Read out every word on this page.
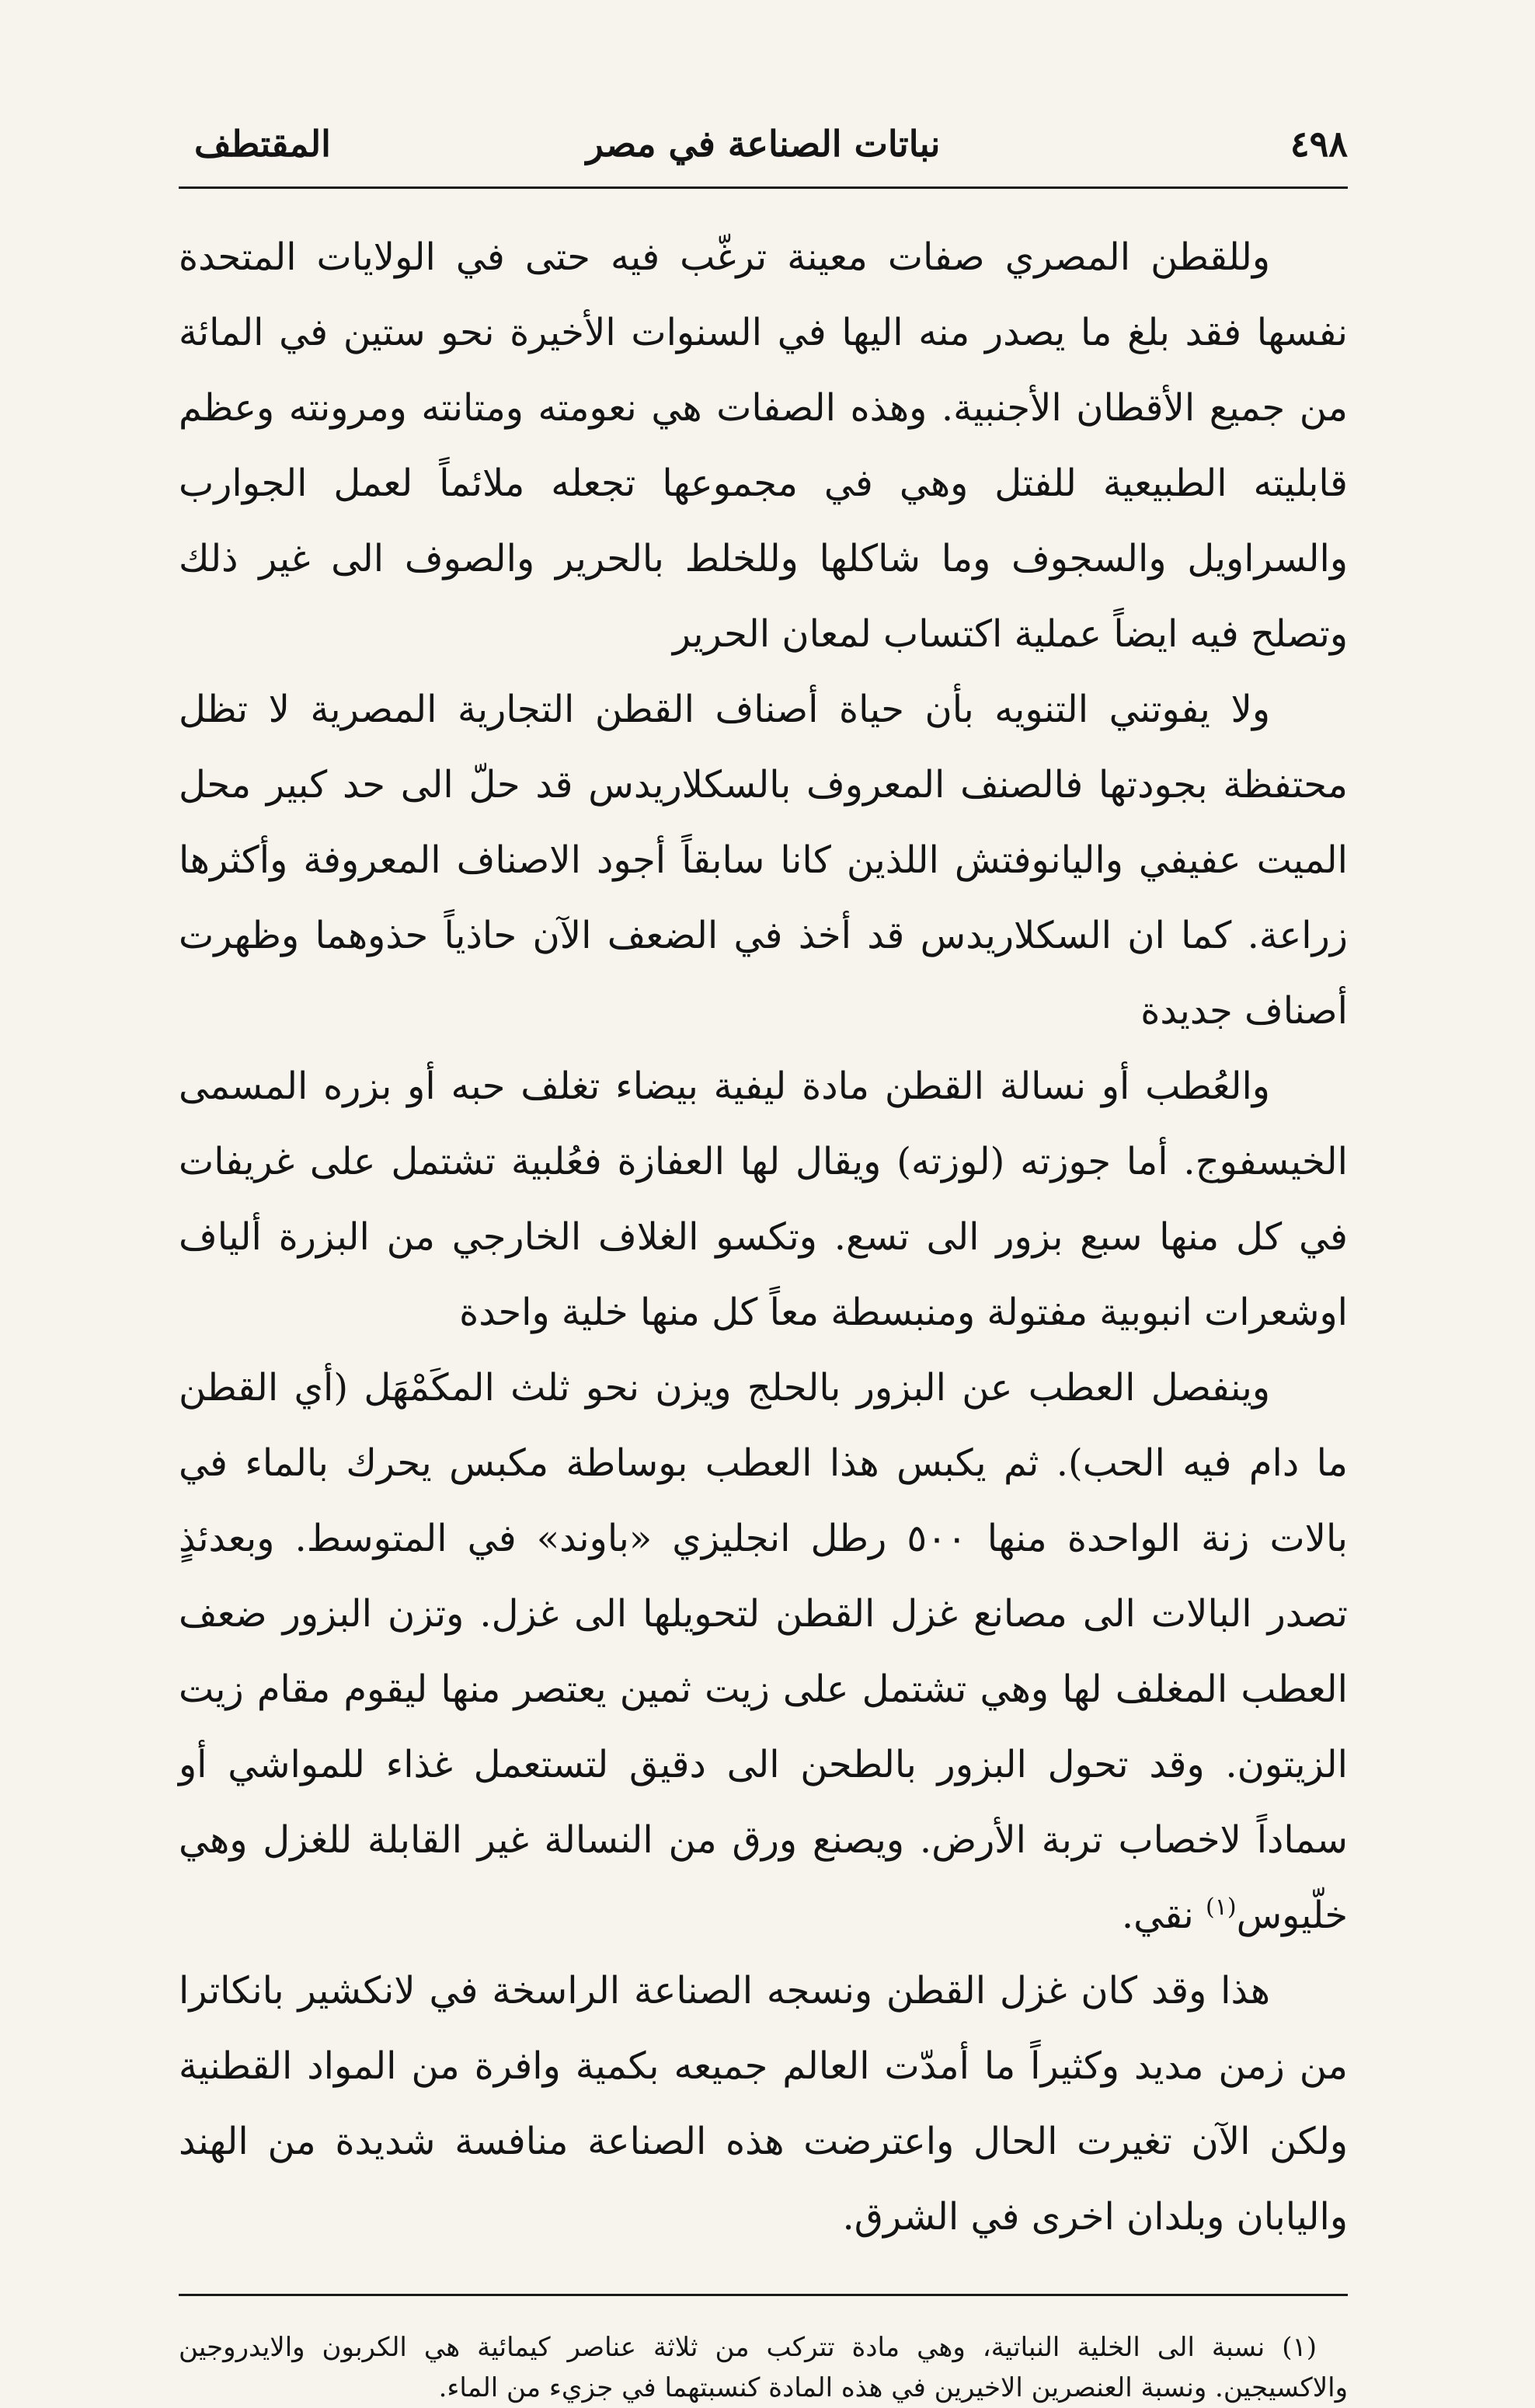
٤٩٨
نباتات الصناعة في مصر
المقتطف

وللقطن المصري صفات معينة ترغّب فيه حتى في الولايات المتحدة نفسها فقد بلغ ما يصدر منه اليها في السنوات الأخيرة نحو ستين في المائة من جميع الأقطان الأجنبية. وهذه الصفات هي نعومته ومتانته ومرونته وعظم قابليته الطبيعية للفتل وهي في مجموعها تجعله ملائماً لعمل الجوارب والسراويل والسجوف وما شاكلها وللخلط بالحرير والصوف الى غير ذلك وتصلح فيه ايضاً عملية اكتساب لمعان الحرير

ولا يفوتني التنويه بأن حياة أصناف القطن التجارية المصرية لا تظل محتفظة بجودتها فالصنف المعروف بالسكلاريدس قد حلّ الى حد كبير محل الميت عفيفي واليانوفتش اللذين كانا سابقاً أجود الاصناف المعروفة وأكثرها زراعة. كما ان السكلاريدس قد أخذ في الضعف الآن حاذياً حذوهما وظهرت أصناف جديدة

والعُطب أو نسالة القطن مادة ليفية بيضاء تغلف حبه أو بزره المسمى الخيسفوج. أما جوزته (لوزته) ويقال لها العفازة فعُلبية تشتمل على غريفات في كل منها سبع بزور الى تسع. وتكسو الغلاف الخارجي من البزرة ألياف اوشعرات انبوبية مفتولة ومنبسطة معاً كل منها خلية واحدة

وينفصل العطب عن البزور بالحلج ويزن نحو ثلث المكَمْهَل (أي القطن ما دام فيه الحب). ثم يكبس هذا العطب بوساطة مكبس يحرك بالماء في بالات زنة الواحدة منها ٥٠٠ رطل انجليزي «باوند» في المتوسط. وبعدئذٍ تصدر البالات الى مصانع غزل القطن لتحويلها الى غزل. وتزن البزور ضعف العطب المغلف لها وهي تشتمل على زيت ثمين يعتصر منها ليقوم مقام زيت الزيتون. وقد تحول البزور بالطحن الى دقيق لتستعمل غذاء للمواشي أو سماداً لاخصاب تربة الأرض. ويصنع ورق من النسالة غير القابلة للغزل وهي خلّيوس$^{(١)}$ نقي.

هذا وقد كان غزل القطن ونسجه الصناعة الراسخة في لانكشير بانكاترا من زمن مديد وكثيراً ما أمدّت العالم جميعه بكمية وافرة من المواد القطنية ولكن الآن تغيرت الحال واعترضت هذه الصناعة منافسة شديدة من الهند واليابان وبلدان اخرى في الشرق.

(١) نسبة الى الخلية النباتية، وهي مادة تتركب من ثلاثة عناصر كيمائية هي الكربون والايدروجين والاكسيجين. ونسبة العنصرين الاخيرين في هذه المادة كنسبتهما في جزيء من الماء.
